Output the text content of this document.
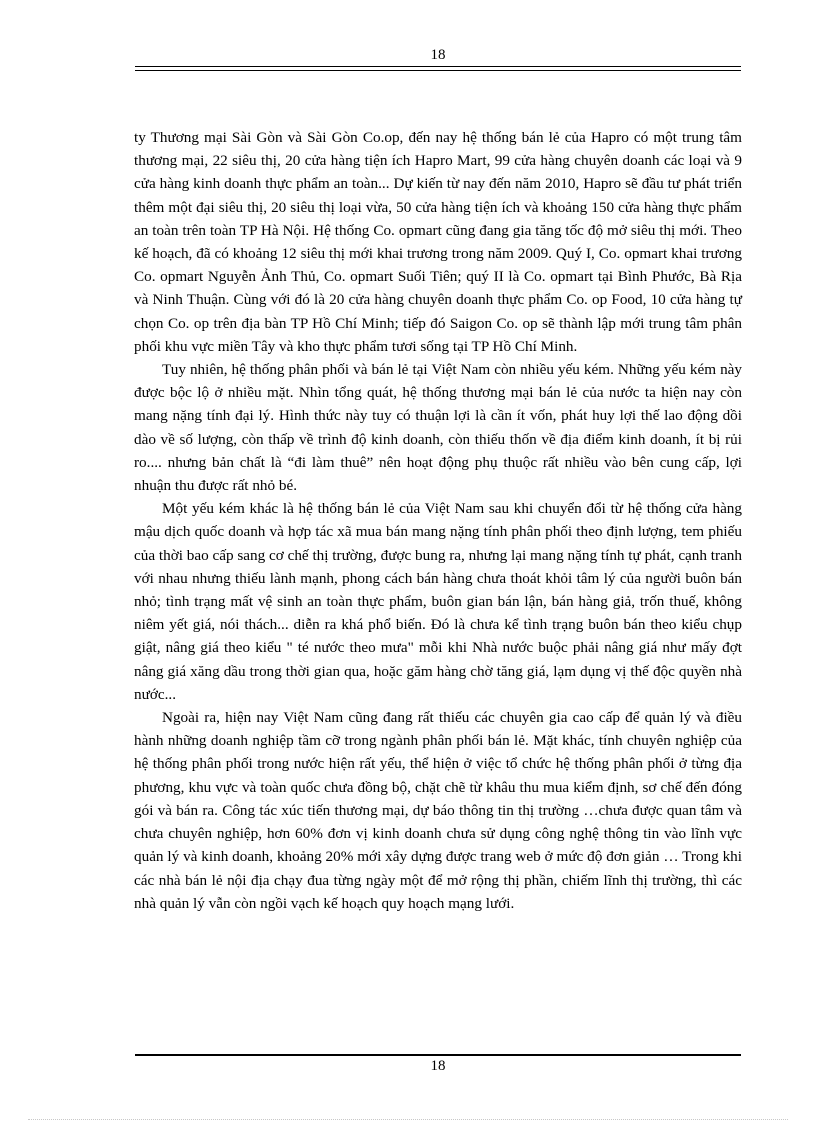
18

ty Thương mại Sài Gòn và Sài Gòn Co.op, đến nay hệ thống bán lẻ của Hapro có một trung tâm thương mại, 22 siêu thị, 20 cửa hàng tiện ích Hapro Mart, 99 cửa hàng chuyên doanh các loại và 9 cửa hàng kinh doanh thực phẩm an toàn... Dự kiến từ nay đến năm 2010, Hapro sẽ đầu tư phát triển thêm một đại siêu thị, 20 siêu thị loại vừa, 50 cửa hàng tiện ích và khoảng 150 cửa hàng thực phẩm an toàn trên toàn TP Hà Nội. Hệ thống Co. opmart cũng đang gia tăng tốc độ mở siêu thị mới. Theo kế hoạch, đã có khoảng 12 siêu thị mới khai trương trong năm 2009. Quý I, Co. opmart khai trương Co. opmart Nguyễn Ảnh Thủ, Co. opmart Suối Tiên; quý II là Co. opmart tại Bình Phước, Bà Rịa và Ninh Thuận. Cùng với đó là 20 cửa hàng chuyên doanh thực phẩm Co. op Food, 10 cửa hàng tự chọn Co. op trên địa bàn TP Hồ Chí Minh; tiếp đó Saigon Co. op sẽ thành lập mới trung tâm phân phối khu vực miền Tây và kho thực phẩm tươi sống tại TP Hồ Chí Minh.

Tuy nhiên, hệ thống phân phối và bán lẻ tại Việt Nam còn nhiều yếu kém. Những yếu kém này được bộc lộ ở nhiều mặt. Nhìn tổng quát, hệ thống thương mại bán lẻ của nước ta hiện nay còn mang nặng tính đại lý. Hình thức này tuy có thuận lợi là cần ít vốn, phát huy lợi thế lao động dồi dào về số lượng, còn thấp về trình độ kinh doanh, còn thiếu thốn về địa điểm kinh doanh, ít bị rủi ro.... nhưng bản chất là “đi làm thuê” nên hoạt động phụ thuộc rất nhiều vào bên cung cấp, lợi nhuận thu được rất nhỏ bé.

Một yếu kém khác là hệ thống bán lẻ của Việt Nam sau khi chuyển đổi từ hệ thống cửa hàng mậu dịch quốc doanh và hợp tác xã mua bán mang nặng tính phân phối theo định lượng, tem phiếu của thời bao cấp sang cơ chế thị trường, được bung ra, nhưng lại mang nặng tính tự phát, cạnh tranh với nhau nhưng thiếu lành mạnh, phong cách bán hàng chưa thoát khỏi tâm lý của người buôn bán nhỏ; tình trạng mất vệ sinh an toàn thực phẩm, buôn gian bán lận, bán hàng giả, trốn thuế, không niêm yết giá, nói thách... diễn ra khá phổ biến. Đó là chưa kể tình trạng buôn bán theo kiểu chụp giật, nâng giá theo kiểu " té nước theo mưa" mỗi khi Nhà nước buộc phải nâng giá như mấy đợt nâng giá xăng dầu trong thời gian qua, hoặc găm hàng chờ tăng giá, lạm dụng vị thế độc quyền nhà nước...

Ngoài ra, hiện nay Việt Nam cũng đang rất thiếu các chuyên gia cao cấp để quản lý và điều hành những doanh nghiệp tầm cỡ trong ngành phân phối bán lẻ. Mặt khác, tính chuyên nghiệp của hệ thống phân phối trong nước hiện rất yếu, thể hiện ở việc tổ chức hệ thống phân phối ở từng địa phương, khu vực và toàn quốc chưa đồng bộ, chặt chẽ từ khâu thu mua kiểm định, sơ chế đến đóng gói và bán ra. Công tác xúc tiến thương mại, dự báo thông tin thị trường …chưa được quan tâm và chưa chuyên nghiệp, hơn 60% đơn vị kinh doanh chưa sử dụng công nghệ thông tin vào lĩnh vực quản lý và kinh doanh, khoảng 20% mới xây dựng được trang web ở mức độ đơn giản … Trong khi các nhà bán lẻ nội địa chạy đua từng ngày một để mở rộng thị phần, chiếm lĩnh thị trường, thì các nhà quản lý vẫn còn ngồi vạch kế hoạch quy hoạch mạng lưới.

18
